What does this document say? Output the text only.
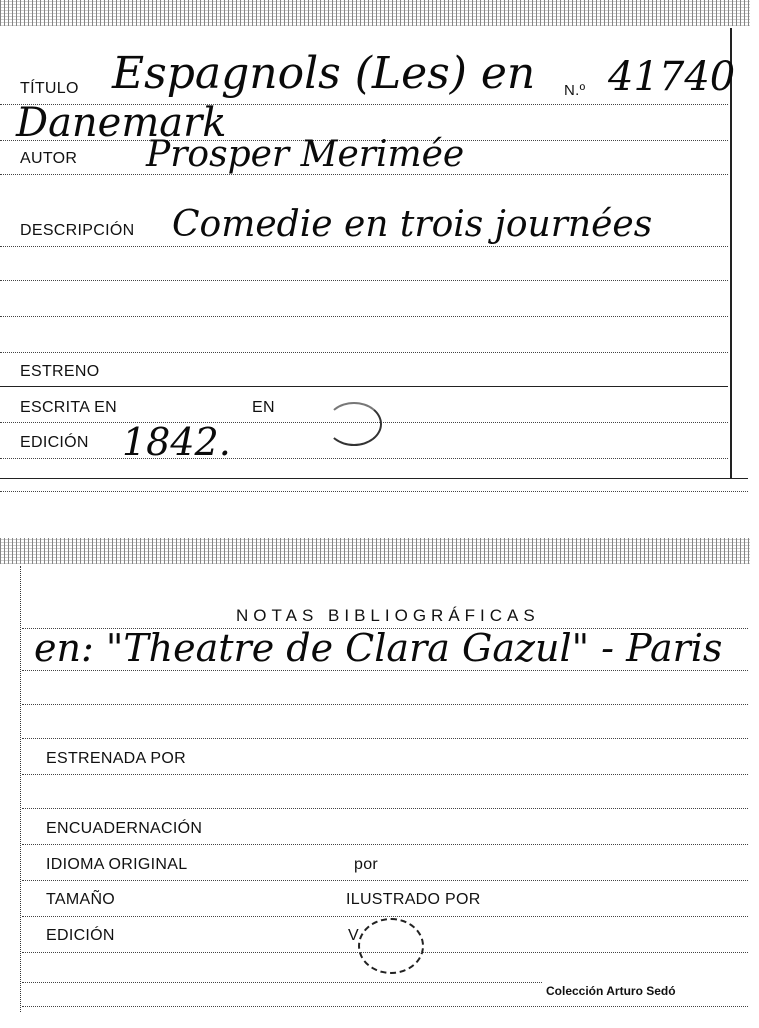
TÍTULO Espagnols (Les) en N.º 41740
Danemark
AUTOR Prosper Merimée
DESCRIPCIÓN Comedie en trois journées
ESTRENO
ESCRITA EN	EN
EDICIÓN 1842.
NOTAS BIBLIOGRÁFICAS
en: "Theatre de Clara Gazul" - Paris
ESTRENADA POR
ENCUADERNACIÓN
IDIOMA ORIGINAL	por
TAMAÑO	ILUSTRADO POR
EDICIÓN	V
Colección Arturo Sedó
